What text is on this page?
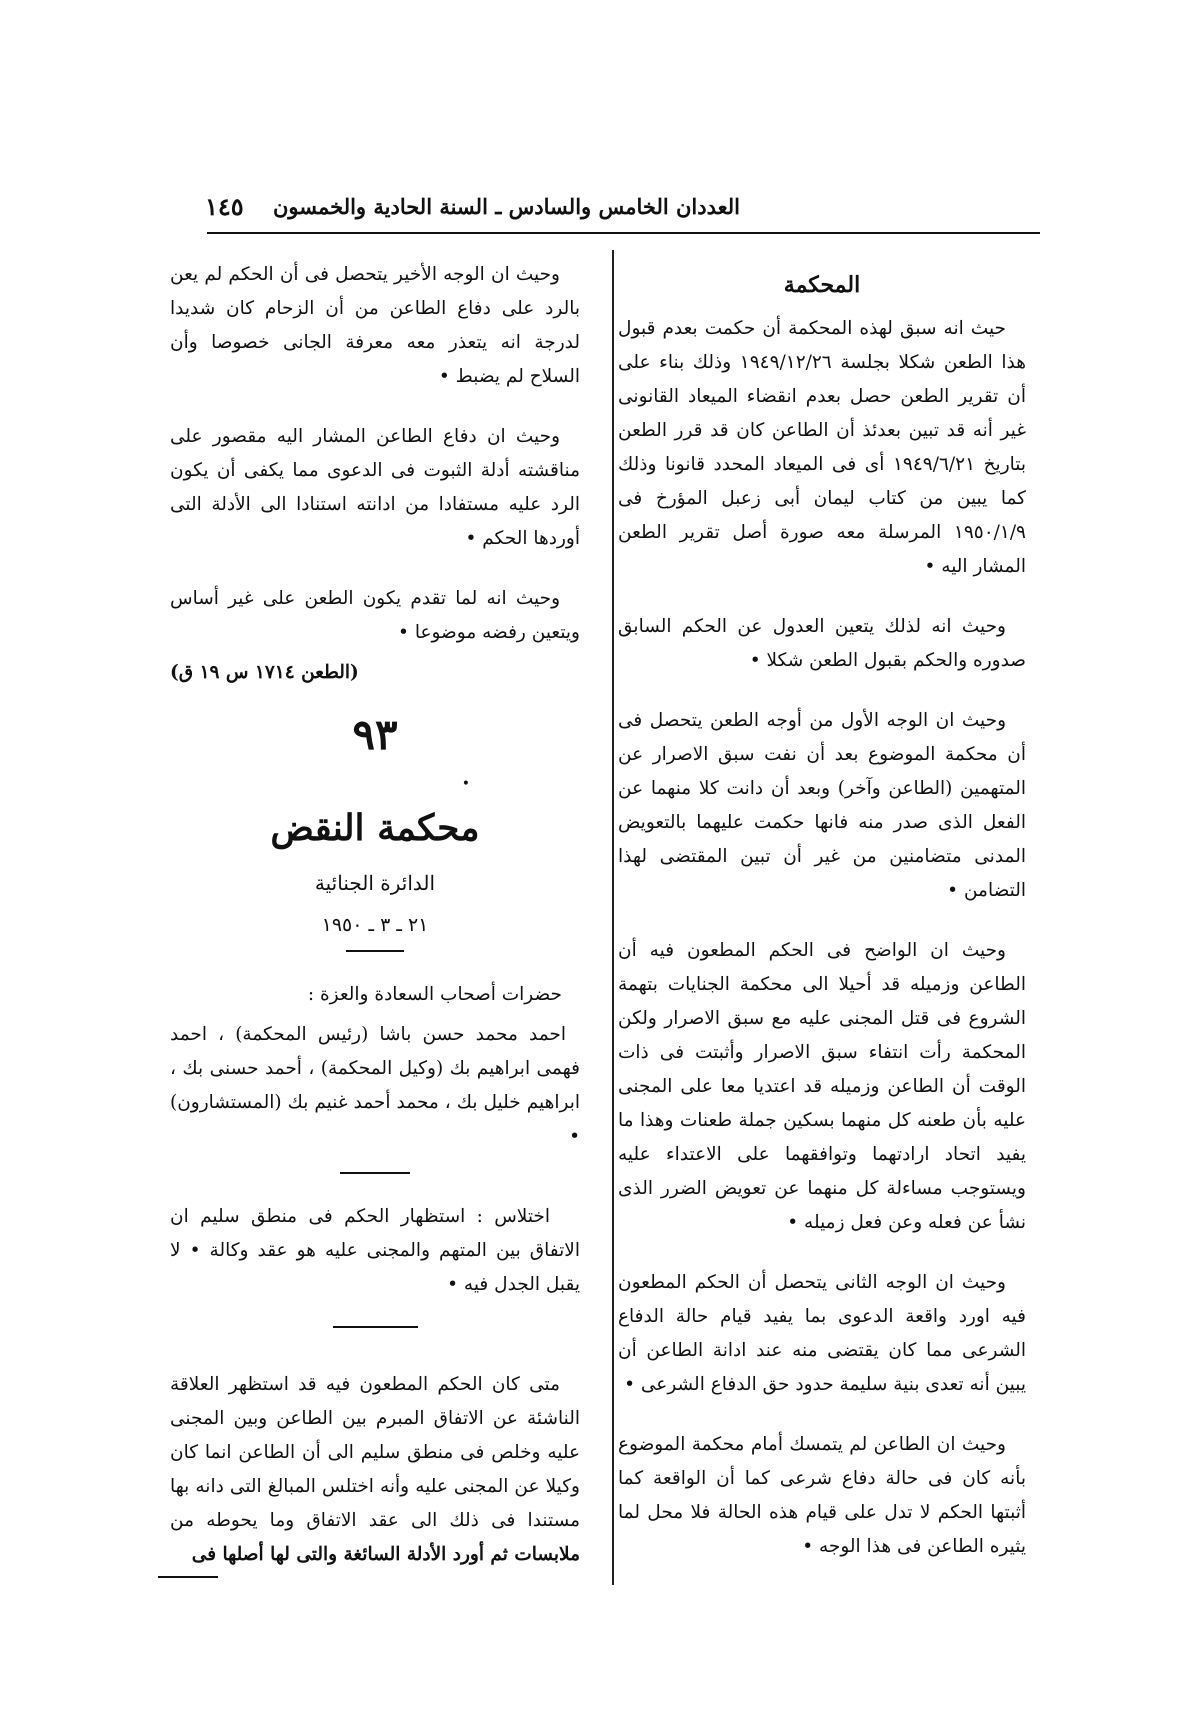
العددان الخامس والسادس ـ السنة الحادية والخمسون
١٤٥
المحكمة

حيث انه سبق لهذه المحكمة أن حكمت بعدم قبول هذا الطعن شكلا بجلسة ١٩٤٩/١٢/٢٦ وذلك بناء على أن تقرير الطعن حصل بعدم انقضاء الميعاد القانونى غير أنه قد تبين بعدئذ أن الطاعن كان قد قرر الطعن بتاريخ ١٩٤٩/٦/٢١ أى فى الميعاد المحدد قانونا وذلك كما يبين من كتاب ليمان أبى زعبل المؤرخ فى ١٩٥٠/١/٩ المرسلة معه صورة أصل تقرير الطعن المشار اليه •

وحيث انه لذلك يتعين العدول عن الحكم السابق صدوره والحكم بقبول الطعن شكلا •

وحيث ان الوجه الأول من أوجه الطعن يتحصل فى أن محكمة الموضوع بعد أن نفت سبق الاصرار عن المتهمين (الطاعن وآخر) وبعد أن دانت كلا منهما عن الفعل الذى صدر منه فانها حكمت عليهما بالتعويض المدنى متضامنين من غير أن تبين المقتضى لهذا التضامن •

وحيث ان الواضح فى الحكم المطعون فيه أن الطاعن وزميله قد أحيلا الى محكمة الجنايات بتهمة الشروع فى قتل المجنى عليه مع سبق الاصرار ولكن المحكمة رأت انتفاء سبق الاصرار وأثبتت فى ذات الوقت أن الطاعن وزميله قد اعتديا معا على المجنى عليه بأن طعنه كل منهما بسكين جملة طعنات وهذا ما يفيد اتحاد ارادتهما وتوافقهما على الاعتداء عليه ويستوجب مساءلة كل منهما عن تعويض الضرر الذى نشأ عن فعله وعن فعل زميله •

وحيث ان الوجه الثانى يتحصل أن الحكم المطعون فيه اورد واقعة الدعوى بما يفيد قيام حالة الدفاع الشرعى مما كان يقتضى منه عند ادانة الطاعن أن يبين أنه تعدى بنية سليمة حدود حق الدفاع الشرعى •

وحيث ان الطاعن لم يتمسك أمام محكمة الموضوع بأنه كان فى حالة دفاع شرعى كما أن الواقعة كما أثبتها الحكم لا تدل على قيام هذه الحالة فلا محل لما يثيره الطاعن فى هذا الوجه •

وحيث ان الوجه الأخير يتحصل فى أن الحكم لم يعن بالرد على دفاع الطاعن من أن الزحام كان شديدا لدرجة انه يتعذر معه معرفة الجانى خصوصا وأن السلاح لم يضبط •

وحيث ان دفاع الطاعن المشار اليه مقصور على مناقشته أدلة الثبوت فى الدعوى مما يكفى أن يكون الرد عليه مستفادا من ادانته استنادا الى الأدلة التى أوردها الحكم •

وحيث انه لما تقدم يكون الطعن على غير أساس ويتعين رفضه موضوعا •

(الطعن ١٧١٤ س ١٩ ق)
٩٣
•
محكمة النقض
الدائرة الجنائية
٢١ ـ ٣ ـ ١٩٥٠
حضرات أصحاب السعادة والعزة :

احمد محمد حسن باشا (رئيس المحكمة) ، احمد فهمى ابراهيم بك (وكيل المحكمة) ، أحمد حسنى بك ، ابراهيم خليل بك ، محمد أحمد غنيم بك (المستشارون) •

اختلاس : استظهار الحكم فى منطق سليم ان الاتفاق بين المتهم والمجنى عليه هو عقد وكالة • لا يقبل الجدل فيه •

متى كان الحكم المطعون فيه قد استظهر العلاقة الناشئة عن الاتفاق المبرم بين الطاعن وبين المجنى عليه وخلص فى منطق سليم الى أن الطاعن انما كان وكيلا عن المجنى عليه وأنه اختلس المبالغ التى دانه بها مستندا فى ذلك الى عقد الاتفاق وما يحوطه من ملابسات ثم أورد الأدلة السائغة والتى لها أصلها فى
